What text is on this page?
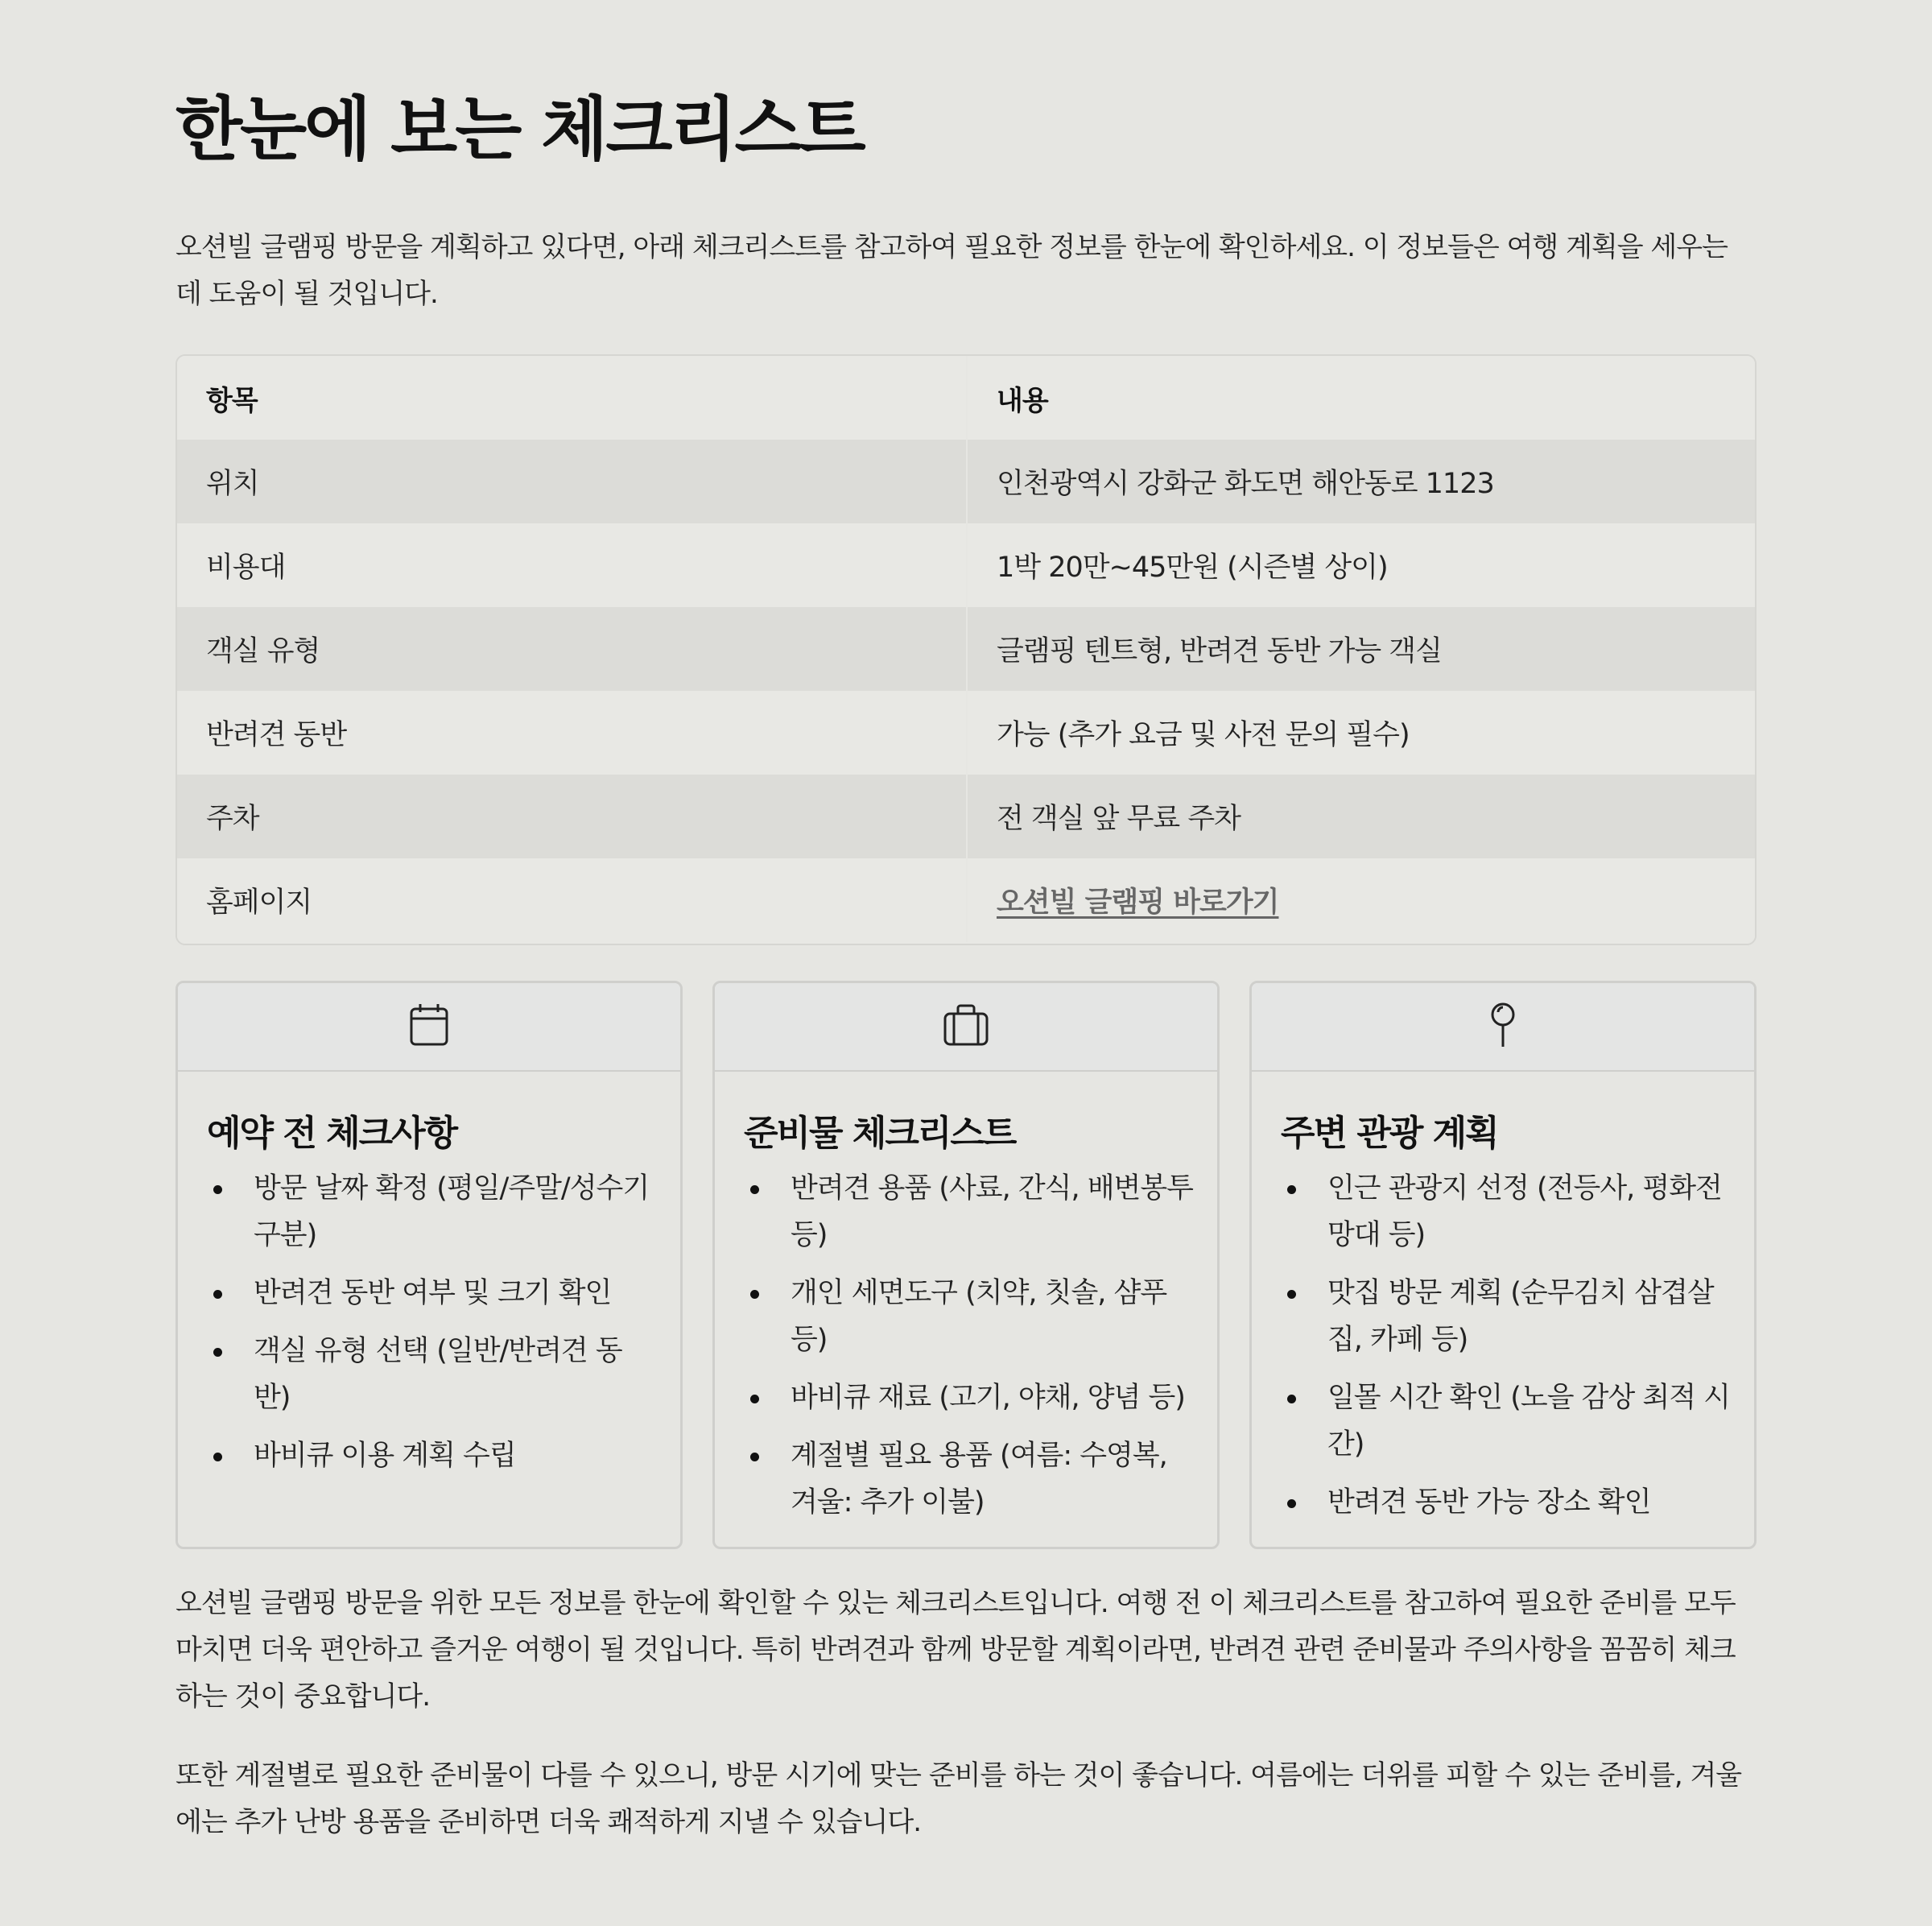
한눈에 보는 체크리스트

오션빌 글램핑 방문을 계획하고 있다면, 아래 체크리스트를 참고하여 필요한 정보를 한눈에 확인하세요. 이 정보들은 여행 계획을 세우는 데 도움이 될 것입니다.

항목	내용
위치	인천광역시 강화군 화도면 해안동로 1123
비용대	1박 20만~45만원 (시즌별 상이)
객실 유형	글램핑 텐트형, 반려견 동반 가능 객실
반려견 동반	가능 (추가 요금 및 사전 문의 필수)
주차	전 객실 앞 무료 주차
홈페이지	오션빌 글램핑 바로가기
예약 전 체크사항
방문 날짜 확정 (평일/주말/성수기 구분)
반려견 동반 여부 및 크기 확인
객실 유형 선택 (일반/반려견 동반)
바비큐 이용 계획 수립
준비물 체크리스트
반려견 용품 (사료, 간식, 배변봉투 등)
개인 세면도구 (치약, 칫솔, 샴푸 등)
바비큐 재료 (고기, 야채, 양념 등)
계절별 필요 용품 (여름: 수영복, 겨울: 추가 이불)
주변 관광 계획
인근 관광지 선정 (전등사, 평화전망대 등)
맛집 방문 계획 (순무김치 삼겹살집, 카페 등)
일몰 시간 확인 (노을 감상 최적 시간)
반려견 동반 가능 장소 확인

오션빌 글램핑 방문을 위한 모든 정보를 한눈에 확인할 수 있는 체크리스트입니다. 여행 전 이 체크리스트를 참고하여 필요한 준비를 모두 마치면 더욱 편안하고 즐거운 여행이 될 것입니다. 특히 반려견과 함께 방문할 계획이라면, 반려견 관련 준비물과 주의사항을 꼼꼼히 체크하는 것이 중요합니다.

또한 계절별로 필요한 준비물이 다를 수 있으니, 방문 시기에 맞는 준비를 하는 것이 좋습니다. 여름에는 더위를 피할 수 있는 준비를, 겨울에는 추가 난방 용품을 준비하면 더욱 쾌적하게 지낼 수 있습니다.
